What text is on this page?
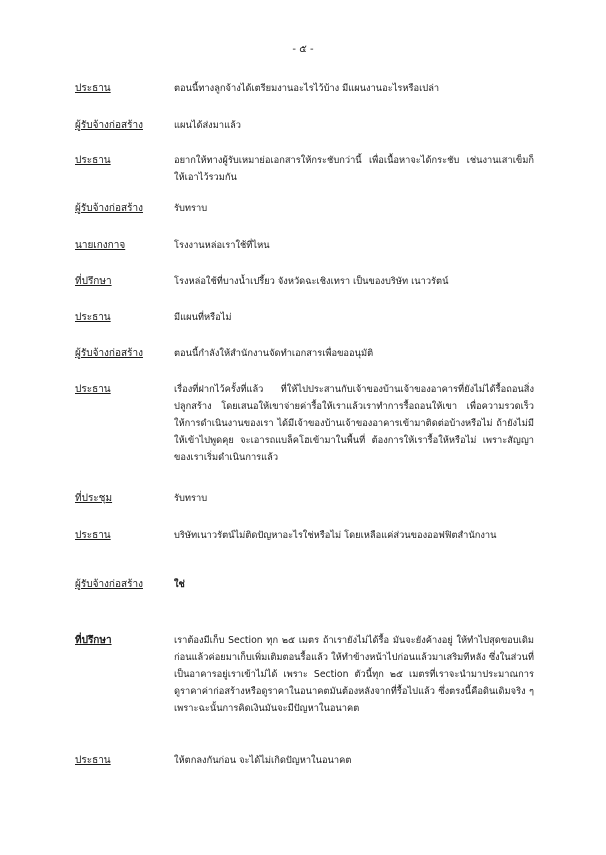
- ๕ -
ประธาน	ตอนนี้ทางลูกจ้างได้เตรียมงานอะไรไว้บ้าง มีแผนงานอะไรหรือเปล่า
ผู้รับจ้างก่อสร้าง	แผนได้ส่งมาแล้ว
ประธาน	อยากให้ทางผู้รับเหมาย่อเอกสารให้กระชับกว่านี้ เพื่อเนื้อหาจะได้กระชับ เช่นงานเสาเข็มก็ให้เอาไว้รวมกัน
ผู้รับจ้างก่อสร้าง	รับทราบ
นายเกงกาจ	โรงงานหล่อเราใช้ที่ไหน
ที่ปรึกษา	โรงหล่อใช้ที่บางน้ำเปรี้ยว จังหวัดฉะเชิงเทรา เป็นของบริษัท เนาวรัตน์
ประธาน	มีแผนที่หรือไม่
ผู้รับจ้างก่อสร้าง	ตอนนี้กำลังให้สำนักงานจัดทำเอกสารเพื่อขออนุมัติ
ประธาน	เรื่องที่ฝากไว้ครั้งที่แล้ว ที่ให้ไปประสานกับเจ้าของบ้านเจ้าของอาคารที่ยังไม่ได้รื้อถอนสิ่งปลูกสร้าง โดยเสนอให้เขาจ่ายค่ารื้อให้เราแล้วเราทำการรื้อถอนให้เขา เพื่อความรวดเร็วให้การดำเนินงานของเรา ได้มีเจ้าของบ้านเจ้าของอาคารเข้ามาติดต่อบ้างหรือไม่ ถ้ายังไม่มีให้เข้าไปพูดคุย จะเอารถแบล็คโฮเข้ามาในพื้นที่ ต้องการให้เรารื้อให้หรือไม่ เพราะสัญญาของเราเริ่มดำเนินการแล้ว
ที่ประชุม	รับทราบ
ประธาน	บริษัทเนาวรัตน์ไม่ติดปัญหาอะไรใช่หรือไม่ โดยเหลือแค่ส่วนของออฟฟิตสำนักงาน
ผู้รับจ้างก่อสร้าง	ใช่
ที่ปรึกษา	เราต้องมีเก็บ Section ทุก ๒๕ เมตร ถ้าเรายังไม่ได้รื้อ มันจะยังค้างอยู่ ให้ทำไปสุดขอบเดิมก่อนแล้วค่อยมาเก็บเพิ่มเติมตอนรื้อแล้ว ให้ทำข้างหน้าไปก่อนแล้วมาเสริมทีหลัง ซึ่งในส่วนที่เป็นอาคารอยู่เราเข้าไม่ได้ เพราะ Section ตัวนี้ทุก ๒๕ เมตรที่เราจะนำมาประมาณการดูราคาค่าก่อสร้างหรือดูราคาในอนาคตมันต้องหลังจากที่รื้อไปแล้ว ซึ่งตรงนี้คือดินเดิมจริง ๆ เพราะฉะนั้นการคิดเงินมันจะมีปัญหาในอนาคต
ประธาน	ให้ตกลงกันก่อน จะได้ไม่เกิดปัญหาในอนาคต
